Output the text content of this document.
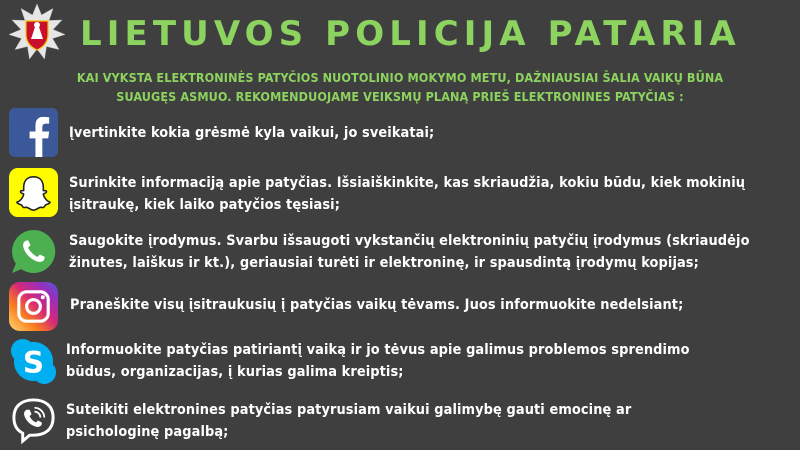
LIETUVOS POLICIJA PATARIA
KAI VYKSTA ELEKTRONINĖS PATYČIOS NUOTOLINIO MOKYMO METU, DAŽNIAUSIAI ŠALIA VAIKŲ BŪNA
SUAUGĘS ASMUO. REKOMENDUOJAME VEIKSMŲ PLANĄ PRIEŠ ELEKTRONINES PATYČIAS :
Įvertinkite kokia grėsmė kyla vaikui, jo sveikatai;
Surinkite informaciją apie patyčias. Išsiaiškinkite, kas skriaudžia, kokiu būdu, kiek mokinių
įsitraukę, kiek laiko patyčios tęsiasi;
Saugokite įrodymus. Svarbu išsaugoti vykstančių elektroninių patyčių įrodymus (skriaudėjo
žinutes, laiškus ir kt.), geriausiai turėti ir elektroninę, ir spausdintą įrodymų kopijas;
Praneškite visų įsitraukusių į patyčias vaikų tėvams. Juos informuokite nedelsiant;
S Informuokite patyčias patiriantį vaiką ir jo tėvus apie galimus problemos sprendimo
būdus, organizacijas, į kurias galima kreiptis;
Suteikiti elektronines patyčias patyrusiam vaikui galimybę gauti emocinę ar
psichologinę pagalbą;
